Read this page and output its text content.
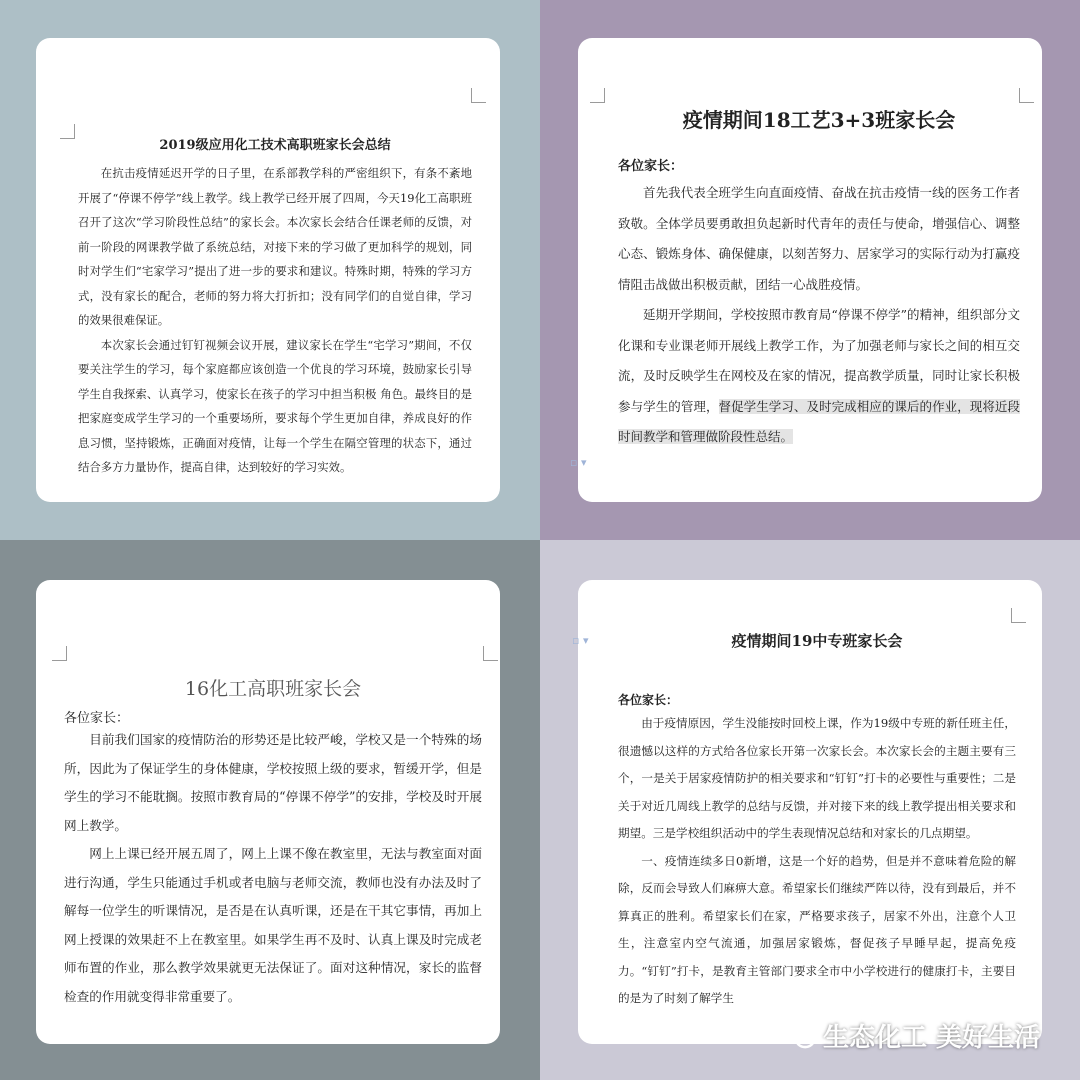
2019级应用化工技术高职班家长会总结

在抗击疫情延迟开学的日子里，在系部教学科的严密组织下，有条不紊地开展了“停课不停学”线上教学。线上教学已经开展了四周，今天19化工高职班召开了这次“学习阶段性总结”的家长会。本次家长会结合任课老师的反馈，对前一阶段的网课教学做了系统总结，对接下来的学习做了更加科学的规划，同时对学生们“宅家学习”提出了进一步的要求和建议。特殊时期，特殊的学习方式，没有家长的配合，老师的努力将大打折扣；没有同学们的自觉自律，学习的效果很难保证。

本次家长会通过钉钉视频会议开展，建议家长在学生“宅学习”期间，不仅要关注学生的学习，每个家庭都应该创造一个优良的学习环境，鼓励家长引导学生自我探索、认真学习，使家长在孩子的学习中担当积极 角色。最终目的是把家庭变成学生学习的一个重要场所，要求每个学生更加自律，养成良好的作息习惯，坚持锻炼，正确面对疫情，让每一个学生在隔空管理的状态下，通过结合多方力量协作，提高自律，达到较好的学习实效。

疫情期间18工艺3+3班家长会

各位家长：

首先我代表全班学生向直面疫情、奋战在抗击疫情一线的医务工作者致敬。全体学员要勇敢担负起新时代青年的责任与使命，增强信心、调整心态、锻炼身体、确保健康，以刻苦努力、居家学习的实际行动为打赢疫情阻击战做出积极贡献，团结一心战胜疫情。

延期开学期间，学校按照市教育局“停课不停学”的精神，组织部分文化课和专业课老师开展线上教学工作，为了加强老师与家长之间的相互交流，及时反映学生在网校及在家的情况，提高教学质量，同时让家长积极参与学生的管理，督促学生学习、及时完成相应的课后的作业，现将近段时间教学和管理做阶段性总结。

▫ ▾

16化工高职班家长会

各位家长：

目前我们国家的疫情防治的形势还是比较严峻，学校又是一个特殊的场所，因此为了保证学生的身体健康，学校按照上级的要求，暂缓开学，但是学生的学习不能耽搁。按照市教育局的“停课不停学”的安排，学校及时开展网上教学。

网上上课已经开展五周了，网上上课不像在教室里，无法与教室面对面进行沟通，学生只能通过手机或者电脑与老师交流，教师也没有办法及时了解每一位学生的听课情况，是否是在认真听课，还是在干其它事情，再加上网上授课的效果赶不上在教室里。如果学生再不及时、认真上课及时完成老师布置的作业，那么教学效果就更无法保证了。面对这种情况，家长的监督检查的作用就变得非常重要了。

▫ ▾	疫情期间19中专班家长会

各位家长：

由于疫情原因，学生没能按时回校上课，作为19级中专班的新任班主任，很遗憾以这样的方式给各位家长开第一次家长会。本次家长会的主题主要有三个，一是关于居家疫情防护的相关要求和“钉钉”打卡的必要性与重要性；二是关于对近几周线上教学的总结与反馈，并对接下来的线上教学提出相关要求和期望。三是学校组织活动中的学生表现情况总结和对家长的几点期望。

一、疫情连续多日0新增，这是一个好的趋势，但是并不意味着危险的解除，反而会导致人们麻痹大意。希望家长们继续严阵以待，没有到最后，并不算真正的胜利。希望家长们在家，严格要求孩子，居家不外出，注意个人卫生，注意室内空气流通，加强居家锻炼，督促孩子早睡早起，提高免疫力。“钉钉”打卡，是教育主管部门要求全市中小学校进行的健康打卡，主要目的是为了时刻了解学生

生态化工 美好生活
